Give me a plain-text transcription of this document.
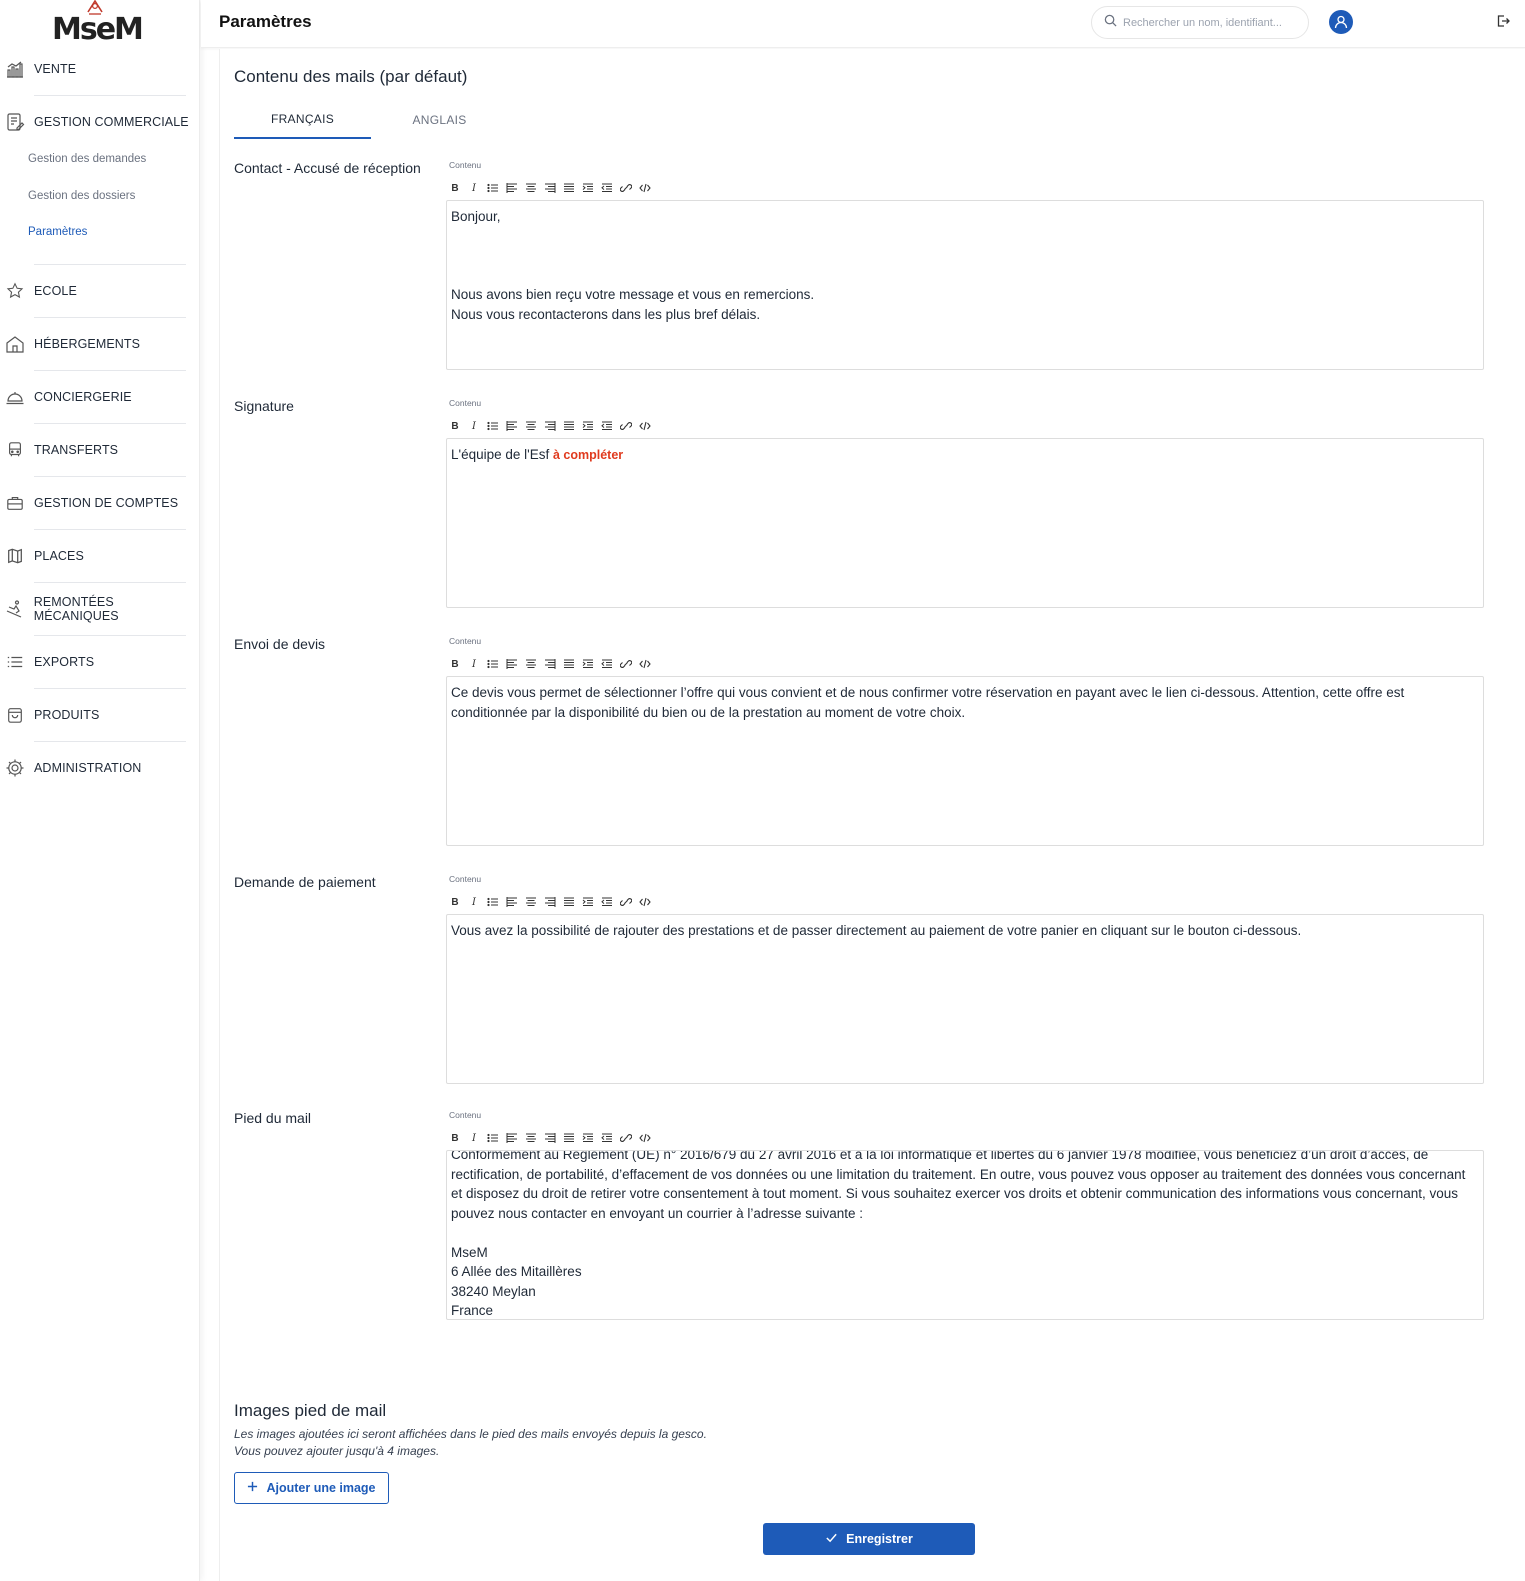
MseM
VENTE
GESTION COMMERCIALE
Gestion des demandes
Gestion des dossiers
Paramètres
ECOLE
HÉBERGEMENTS
CONCIERGERIE
TRANSFERTS
GESTION DE COMPTES
PLACES
REMONTÉES MÉCANIQUES
EXPORTS
PRODUITS
ADMINISTRATION
Paramètres
Rechercher un nom, identifiant...
Contenu des mails (par défaut)
FRANÇAIS	ANGLAIS
Contact - Accusé de réception	Contenu
B	I

Bonjour,

Nous avons bien reçu votre message et vous en remercions.

Nous vous recontacterons dans les plus bref délais.

Signature	Contenu
B	I

L'équipe de l'Esf à compléter

Envoi de devis	Contenu
B	I

Ce devis vous permet de sélectionner l’offre qui vous convient et de nous confirmer votre réservation en payant avec le lien ci-dessous. Attention, cette offre est conditionnée par la disponibilité du bien ou de la prestation au moment de votre choix.

Demande de paiement	Contenu
B	I

Vous avez la possibilité de rajouter des prestations et de passer directement au paiement de votre panier en cliquant sur le bouton ci-dessous.

Pied du mail	Contenu
B	I

Conformément au Règlement (UE) n° 2016/679 du 27 avril 2016 et à la loi informatique et libertés du 6 janvier 1978 modifiée, vous bénéficiez d’un droit d’accès, de rectification, de portabilité, d’effacement de vos données ou une limitation du traitement. En outre, vous pouvez vous opposer au traitement des données vous concernant et disposez du droit de retirer votre consentement à tout moment. Si vous souhaitez exercer vos droits et obtenir communication des informations vous concernant, vous pouvez nous contacter en envoyant un courrier à l’adresse suivante :

MseM

6 Allée des Mitaillères

38240 Meylan

France

Images pied de mail
Les images ajoutées ici seront affichées dans le pied des mails envoyés depuis la gesco.
Vous pouvez ajouter jusqu'à 4 images.
Ajouter une image
Enregistrer
